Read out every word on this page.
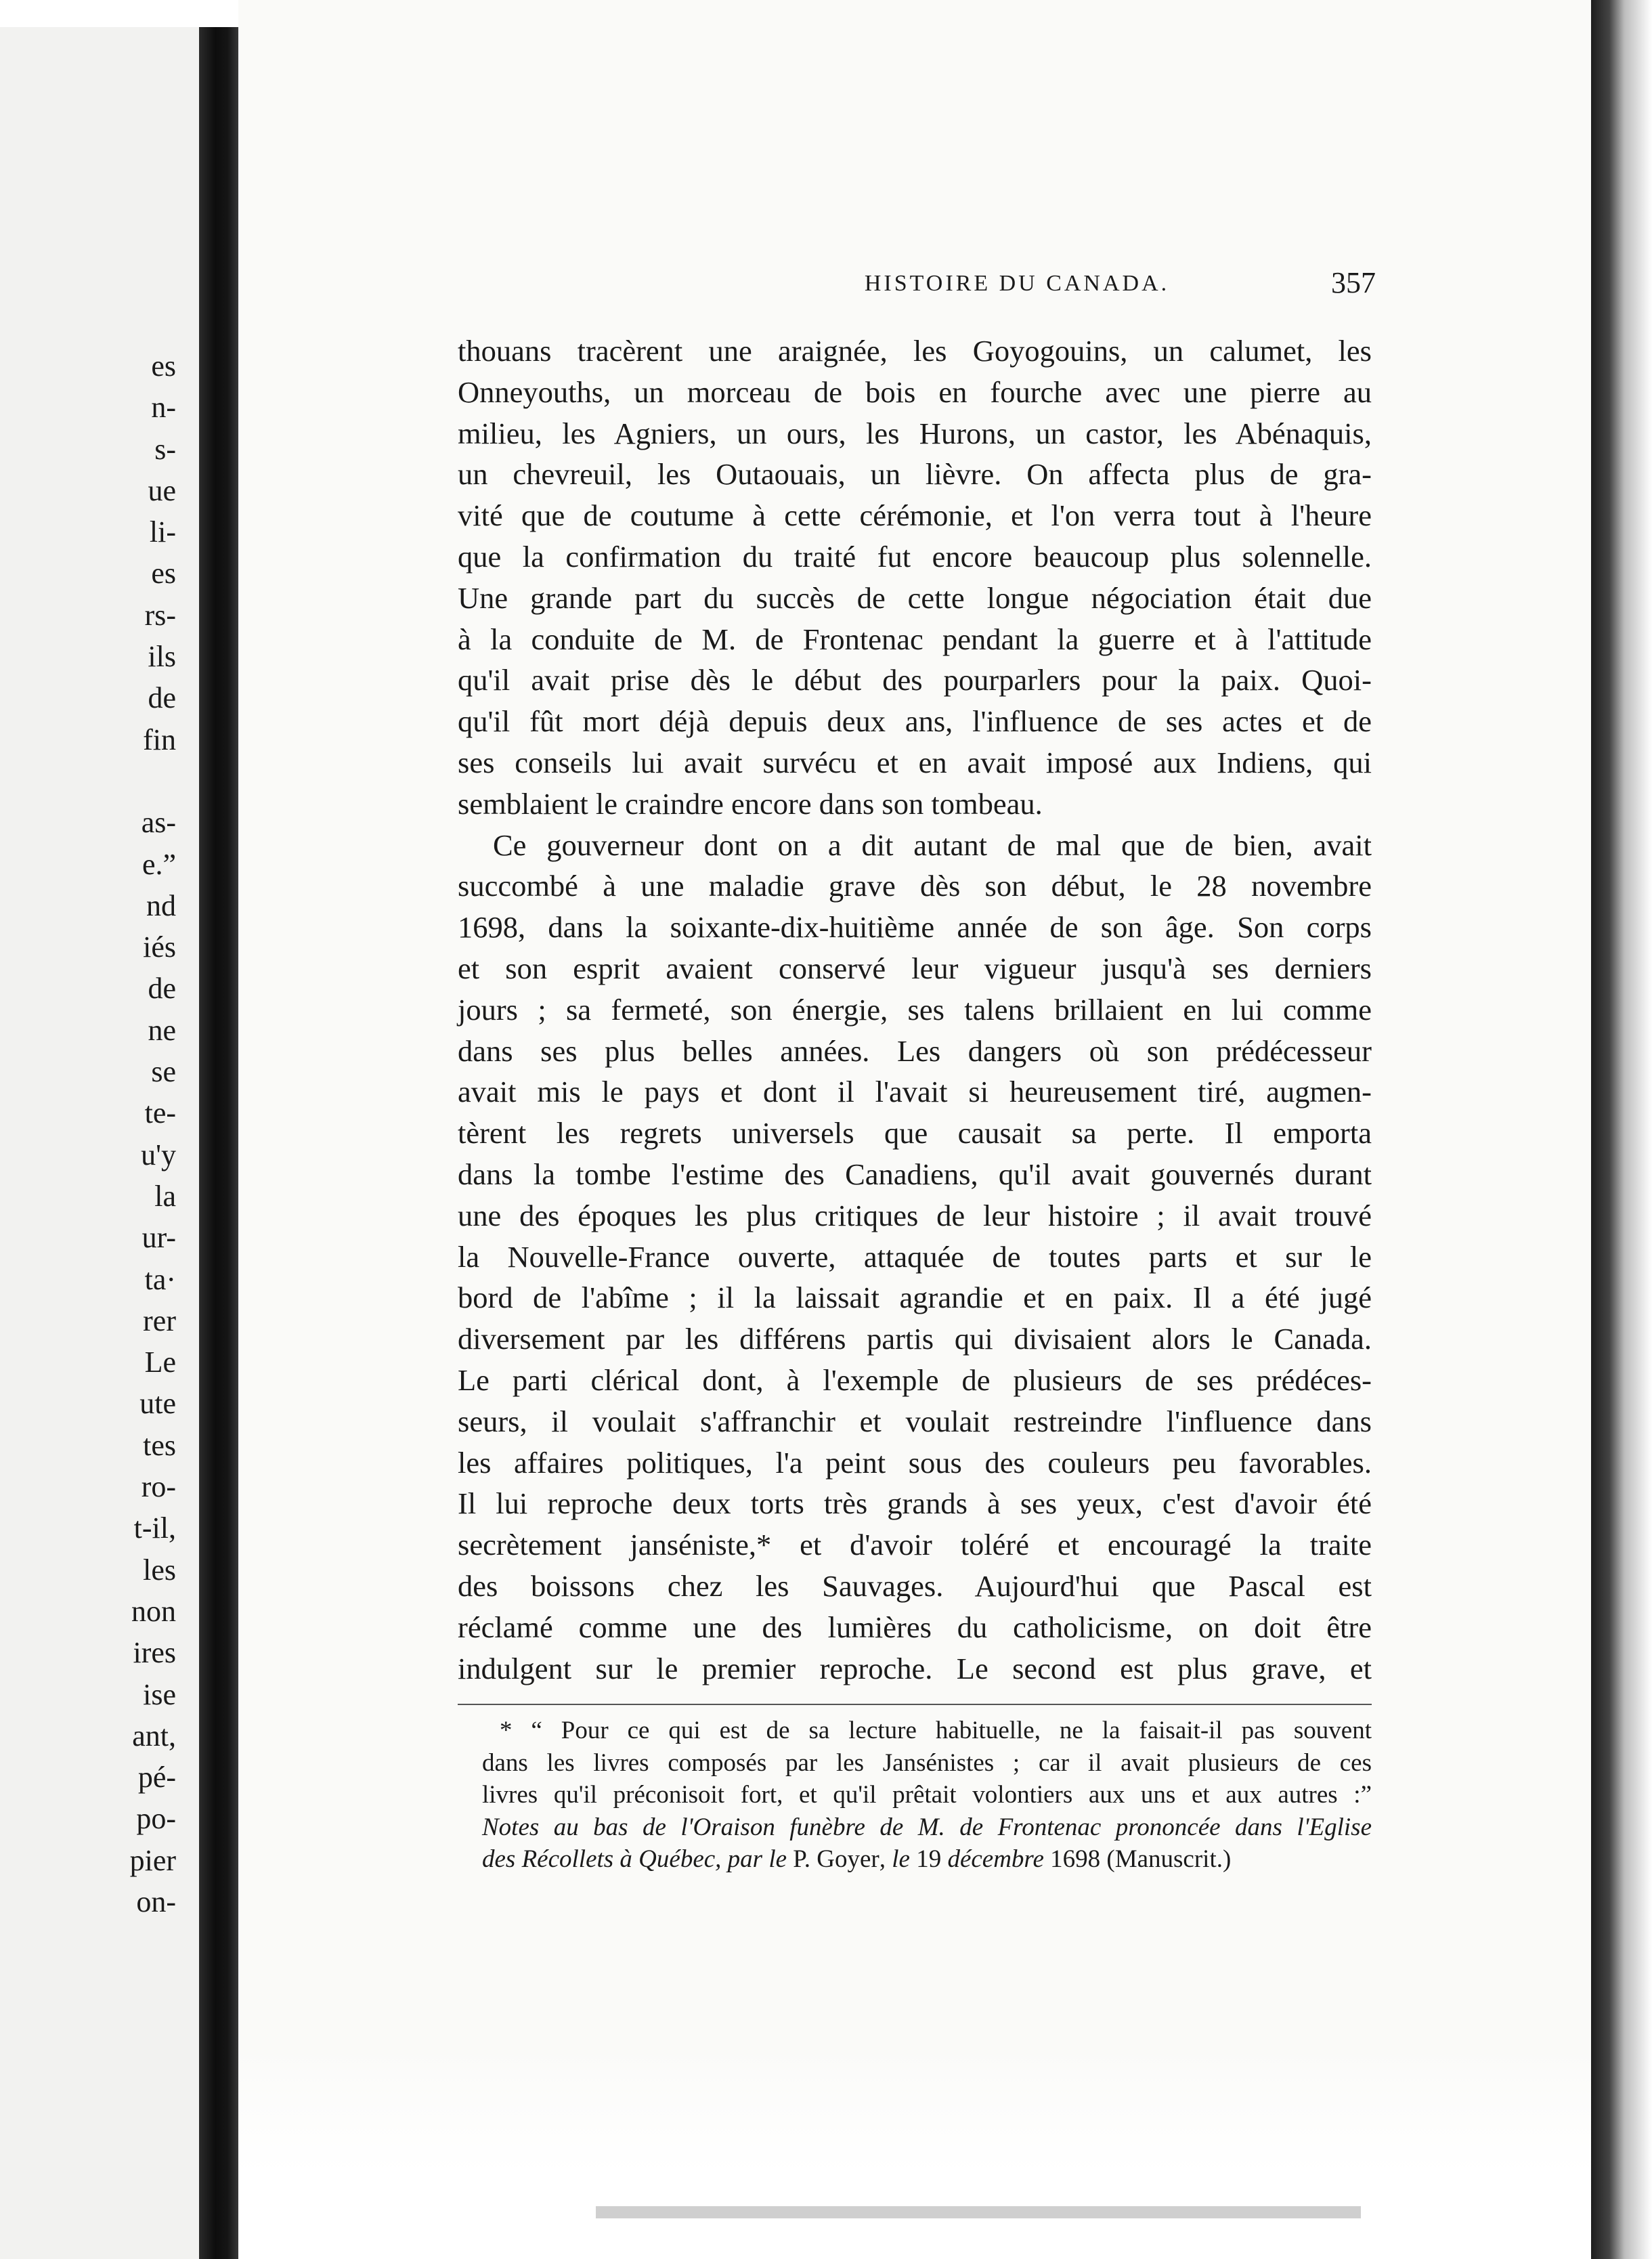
es
n-
s-
ue
li-
es
rs-
ils
de
fin
as-
e.”
nd
iés
de
ne
se
te-
u'y
la
ur-
ta·
rer
Le
ute
tes
ro-
t-il,
les
non
ires
ise
ant,
pé-
po-
pier
on-
HISTOIRE DU CANADA.	357
thouans tracèrent une araignée, les Goyogouins, un calumet, les
Onneyouths, un morceau de bois en fourche avec une pierre au
milieu, les Agniers, un ours, les Hurons, un castor, les Abénaquis,
un chevreuil, les Outaouais, un lièvre. On affecta plus de gra-
vité que de coutume à cette cérémonie, et l'on verra tout à l'heure
que la confirmation du traité fut encore beaucoup plus solennelle.
Une grande part du succès de cette longue négociation était due
à la conduite de M. de Frontenac pendant la guerre et à l'attitude
qu'il avait prise dès le début des pourparlers pour la paix. Quoi-
qu'il fût mort déjà depuis deux ans, l'influence de ses actes et de
ses conseils lui avait survécu et en avait imposé aux Indiens, qui
semblaient le craindre encore dans son tombeau.
Ce gouverneur dont on a dit autant de mal que de bien, avait
succombé à une maladie grave dès son début, le 28 novembre
1698, dans la soixante-dix-huitième année de son âge. Son corps
et son esprit avaient conservé leur vigueur jusqu'à ses derniers
jours ; sa fermeté, son énergie, ses talens brillaient en lui comme
dans ses plus belles années. Les dangers où son prédécesseur
avait mis le pays et dont il l'avait si heureusement tiré, augmen-
tèrent les regrets universels que causait sa perte. Il emporta
dans la tombe l'estime des Canadiens, qu'il avait gouvernés durant
une des époques les plus critiques de leur histoire ; il avait trouvé
la Nouvelle-France ouverte, attaquée de toutes parts et sur le
bord de l'abîme ; il la laissait agrandie et en paix. Il a été jugé
diversement par les différens partis qui divisaient alors le Canada.
Le parti clérical dont, à l'exemple de plusieurs de ses prédéces-
seurs, il voulait s'affranchir et voulait restreindre l'influence dans
les affaires politiques, l'a peint sous des couleurs peu favorables.
Il lui reproche deux torts très grands à ses yeux, c'est d'avoir été
secrètement janséniste,* et d'avoir toléré et encouragé la traite
des boissons chez les Sauvages. Aujourd'hui que Pascal est
réclamé comme une des lumières du catholicisme, on doit être
indulgent sur le premier reproche. Le second est plus grave, et
* “ Pour ce qui est de sa lecture habituelle, ne la faisait-il pas souvent
dans les livres composés par les Jansénistes ; car il avait plusieurs de ces
livres qu'il préconisoit fort, et qu'il prêtait volontiers aux uns et aux autres :”
Notes au bas de l'Oraison funèbre de M. de Frontenac prononcée dans l'Eglise
des Récollets à Québec, par le P. Goyer, le 19 décembre 1698 (Manuscrit.)
